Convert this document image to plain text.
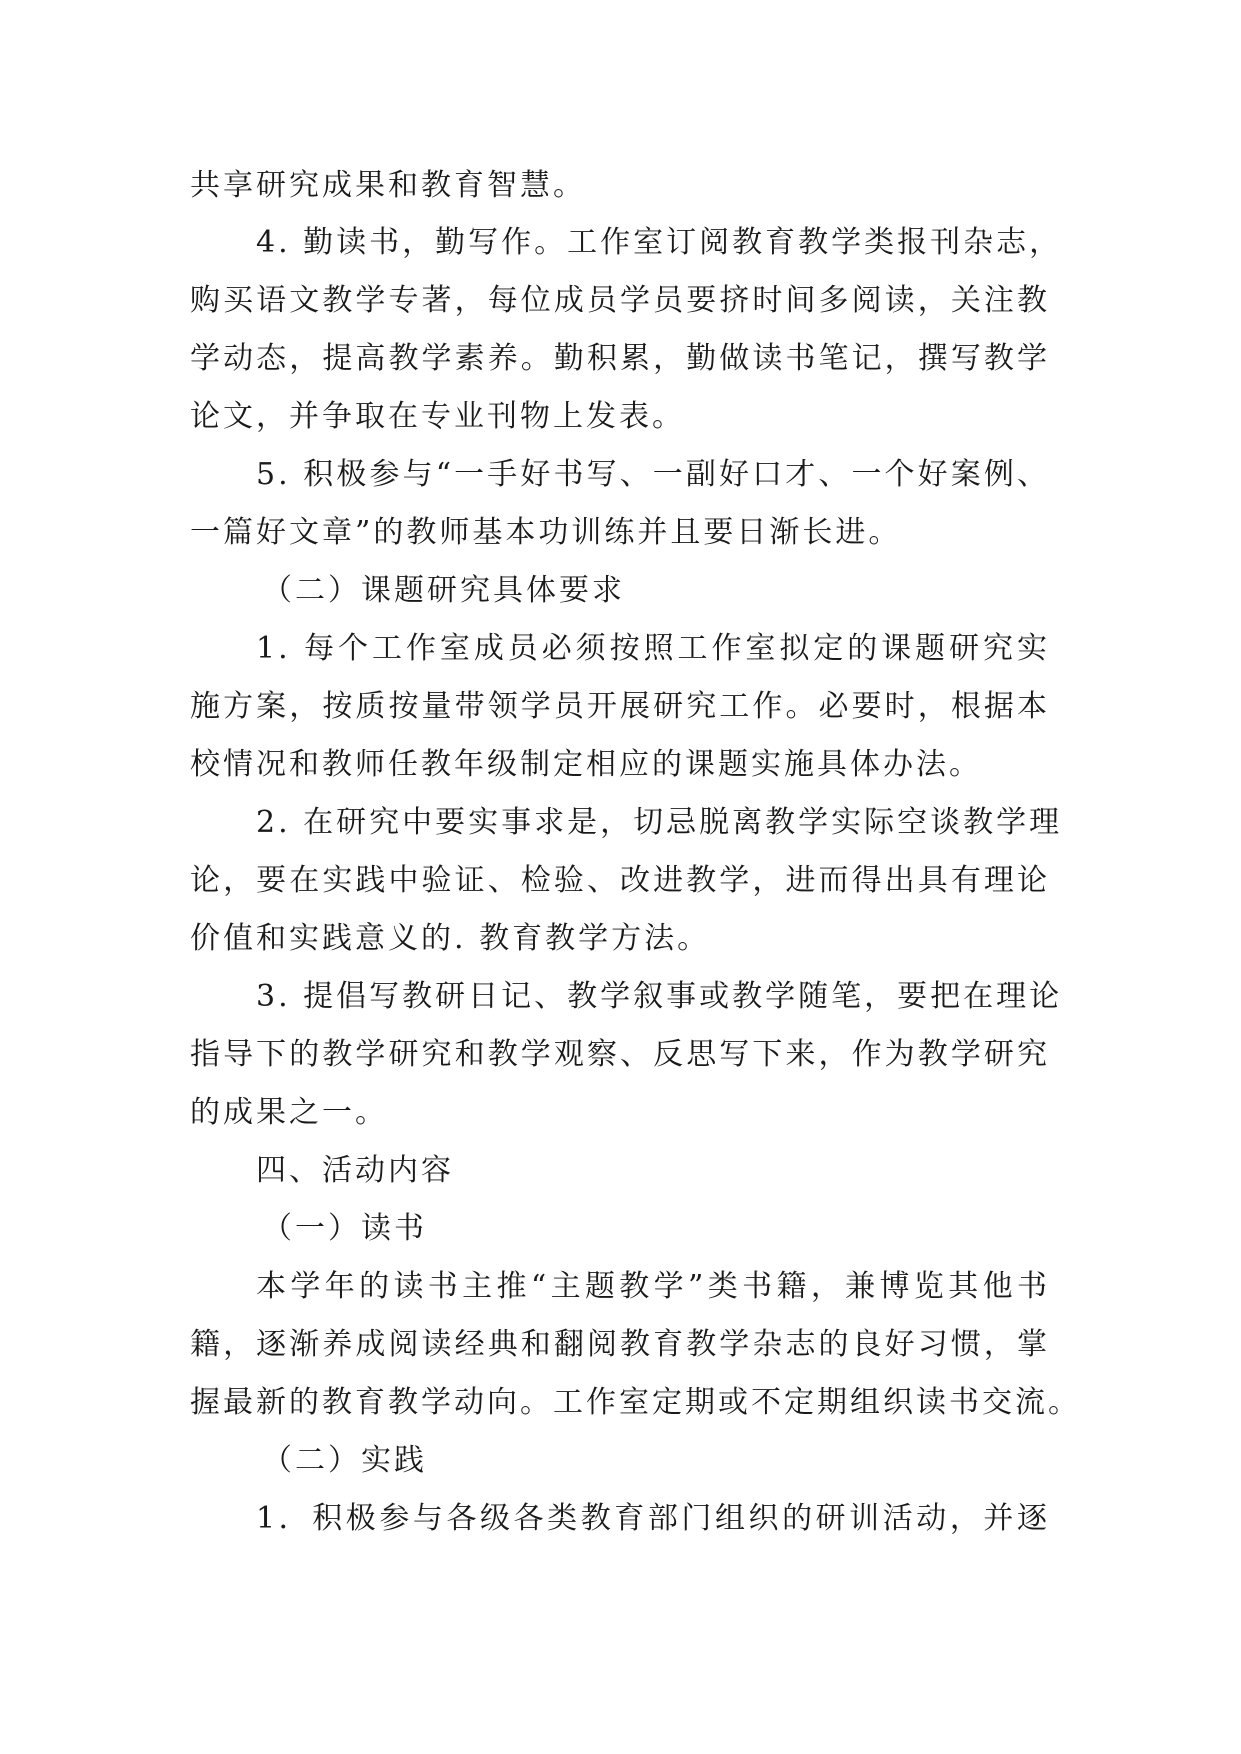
共享研究成果和教育智慧。
4. 勤读书，勤写作。工作室订阅教育教学类报刊杂志，
购买语文教学专著，每位成员学员要挤时间多阅读，关注教
学动态，提高教学素养。勤积累，勤做读书笔记，撰写教学
论文，并争取在专业刊物上发表。
5. 积极参与“一手好书写、一副好口才、一个好案例、
一篇好文章”的教师基本功训练并且要日渐长进。
（二）课题研究具体要求
1. 每个工作室成员必须按照工作室拟定的课题研究实
施方案，按质按量带领学员开展研究工作。必要时，根据本
校情况和教师任教年级制定相应的课题实施具体办法。
2. 在研究中要实事求是，切忌脱离教学实际空谈教学理
论，要在实践中验证、检验、改进教学，进而得出具有理论
价值和实践意义的. 教育教学方法。
3. 提倡写教研日记、教学叙事或教学随笔，要把在理论
指导下的教学研究和教学观察、反思写下来，作为教学研究
的成果之一。
四、活动内容
（一）读书
本学年的读书主推“主题教学”类书籍，兼博览其他书
籍，逐渐养成阅读经典和翻阅教育教学杂志的良好习惯，掌
握最新的教育教学动向。工作室定期或不定期组织读书交流。
（二）实践
1．积极参与各级各类教育部门组织的研训活动，并逐
